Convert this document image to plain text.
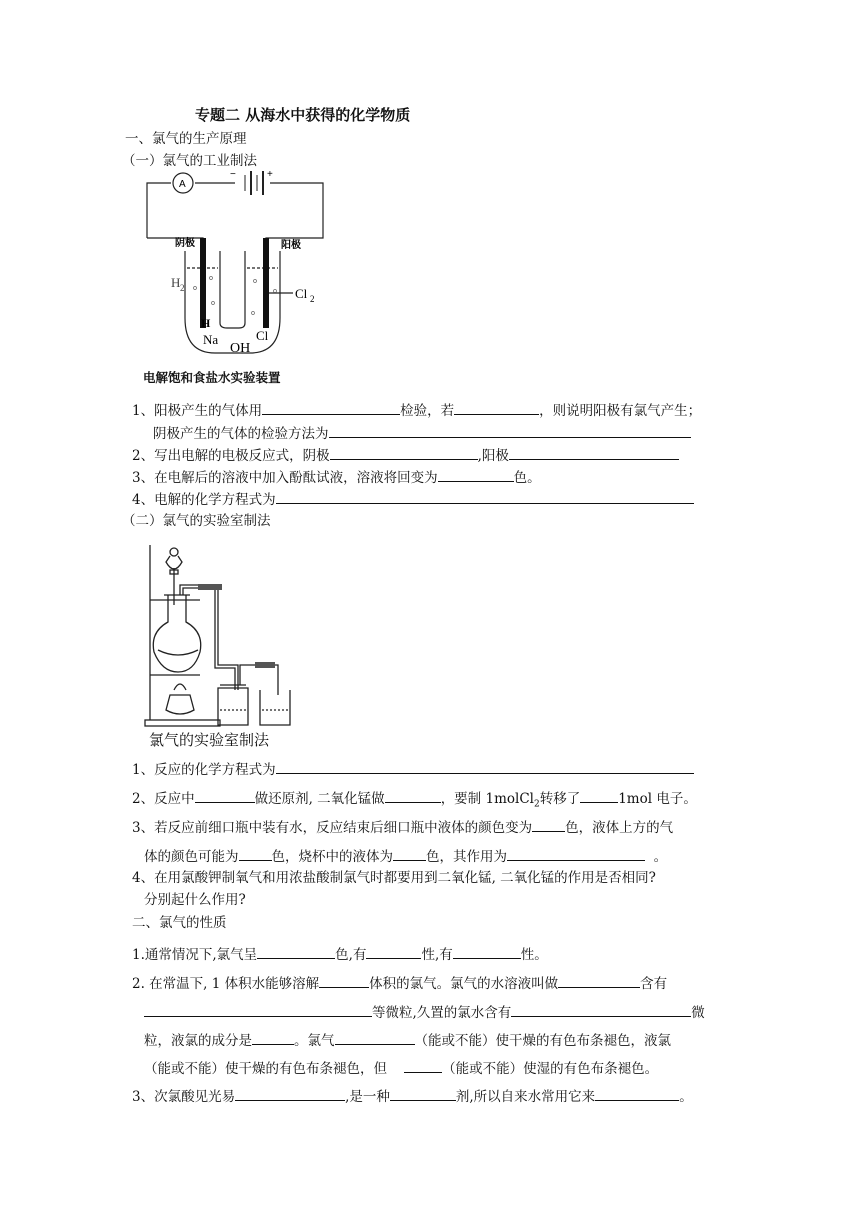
专题二 从海水中获得的化学物质
一、氯气的生产原理
（一）氯气的工业制法
A
−	+
阴极	阳极
H 2	Cl 2
H
Na	Cl
OH
电解饱和食盐水实验装置
1、阳极产生的气体用	检验，若	，则说明阳极有氯气产生；
阴极产生的气体的检验方法为
2、写出电解的电极反应式，阴极	,阳极
3、在电解后的溶液中加入酚酞试液，溶液将回变为	色。
4、电解的化学方程式为
（二）氯气的实验室制法
氯气的实验室制法
1、反应的化学方程式为
2、反应中	做还原剂, 二氧化锰做	，要制 1molCl$_2$转移了	1mol 电子。
3、若反应前细口瓶中装有水，反应结束后细口瓶中液体的颜色变为 色，液体上方的气
体的颜色可能为 色，烧杯中的液体为 色，其作用为	。
4、在用氯酸钾制氧气和用浓盐酸制氯气时都要用到二氧化锰, 二氧化锰的作用是否相同?
分别起什么作用?
二、氯气的性质
1.通常情况下,氯气呈	色,有	性,有	性。
2. 在常温下, 1 体积水能够溶解	体积的氯气。氯气的水溶液叫做	含有
等微粒,久置的氯水含有	微
粒，液氯的成分是	。氯气	（能或不能）使干燥的有色布条褪色，液氯
（能或不能）使干燥的有色布条褪色，但	（能或不能）使湿的有色布条褪色。
3、次氯酸见光易	,是一种	剂,所以自来水常用它来	。
